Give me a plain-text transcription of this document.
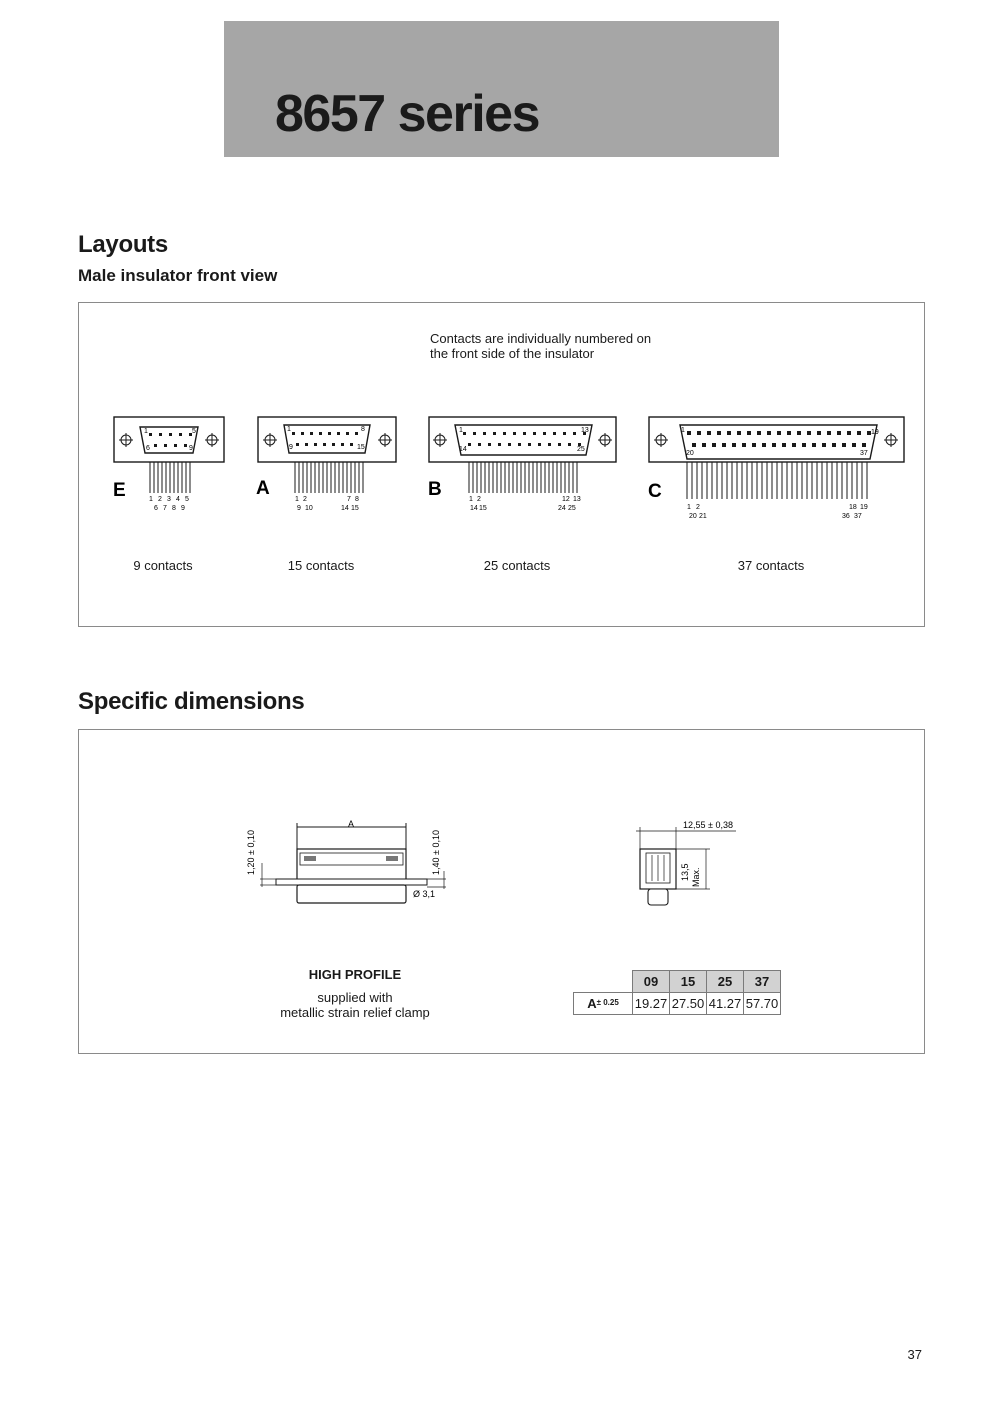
8657 series
Layouts
Male insulator front view
Contacts are individually numbered on
the front side of the insulator
1	5
6	9
E	1 2 3 4 5
6 7 8 9
1	8
9	15
A
1 2	7 8
9 10	14 15
1	13
14	25
B	1 2	12 13
14 15	24 25
1	19
20	37
C
1 2	18 19
20 21	36 37
9 contacts	15 contacts	25 contacts	37 contacts
Specific dimensions
A
1,20 ± 0,10	1,40 ± 0,10
Ø 3,1
12,55 ± 0,38
13,5 Max.
HIGH PROFILE
supplied with
metallic strain relief clamp
	09	15	25	37
$A^{\pm 0.25}$	19.27	27.50	41.27	57.70
37
